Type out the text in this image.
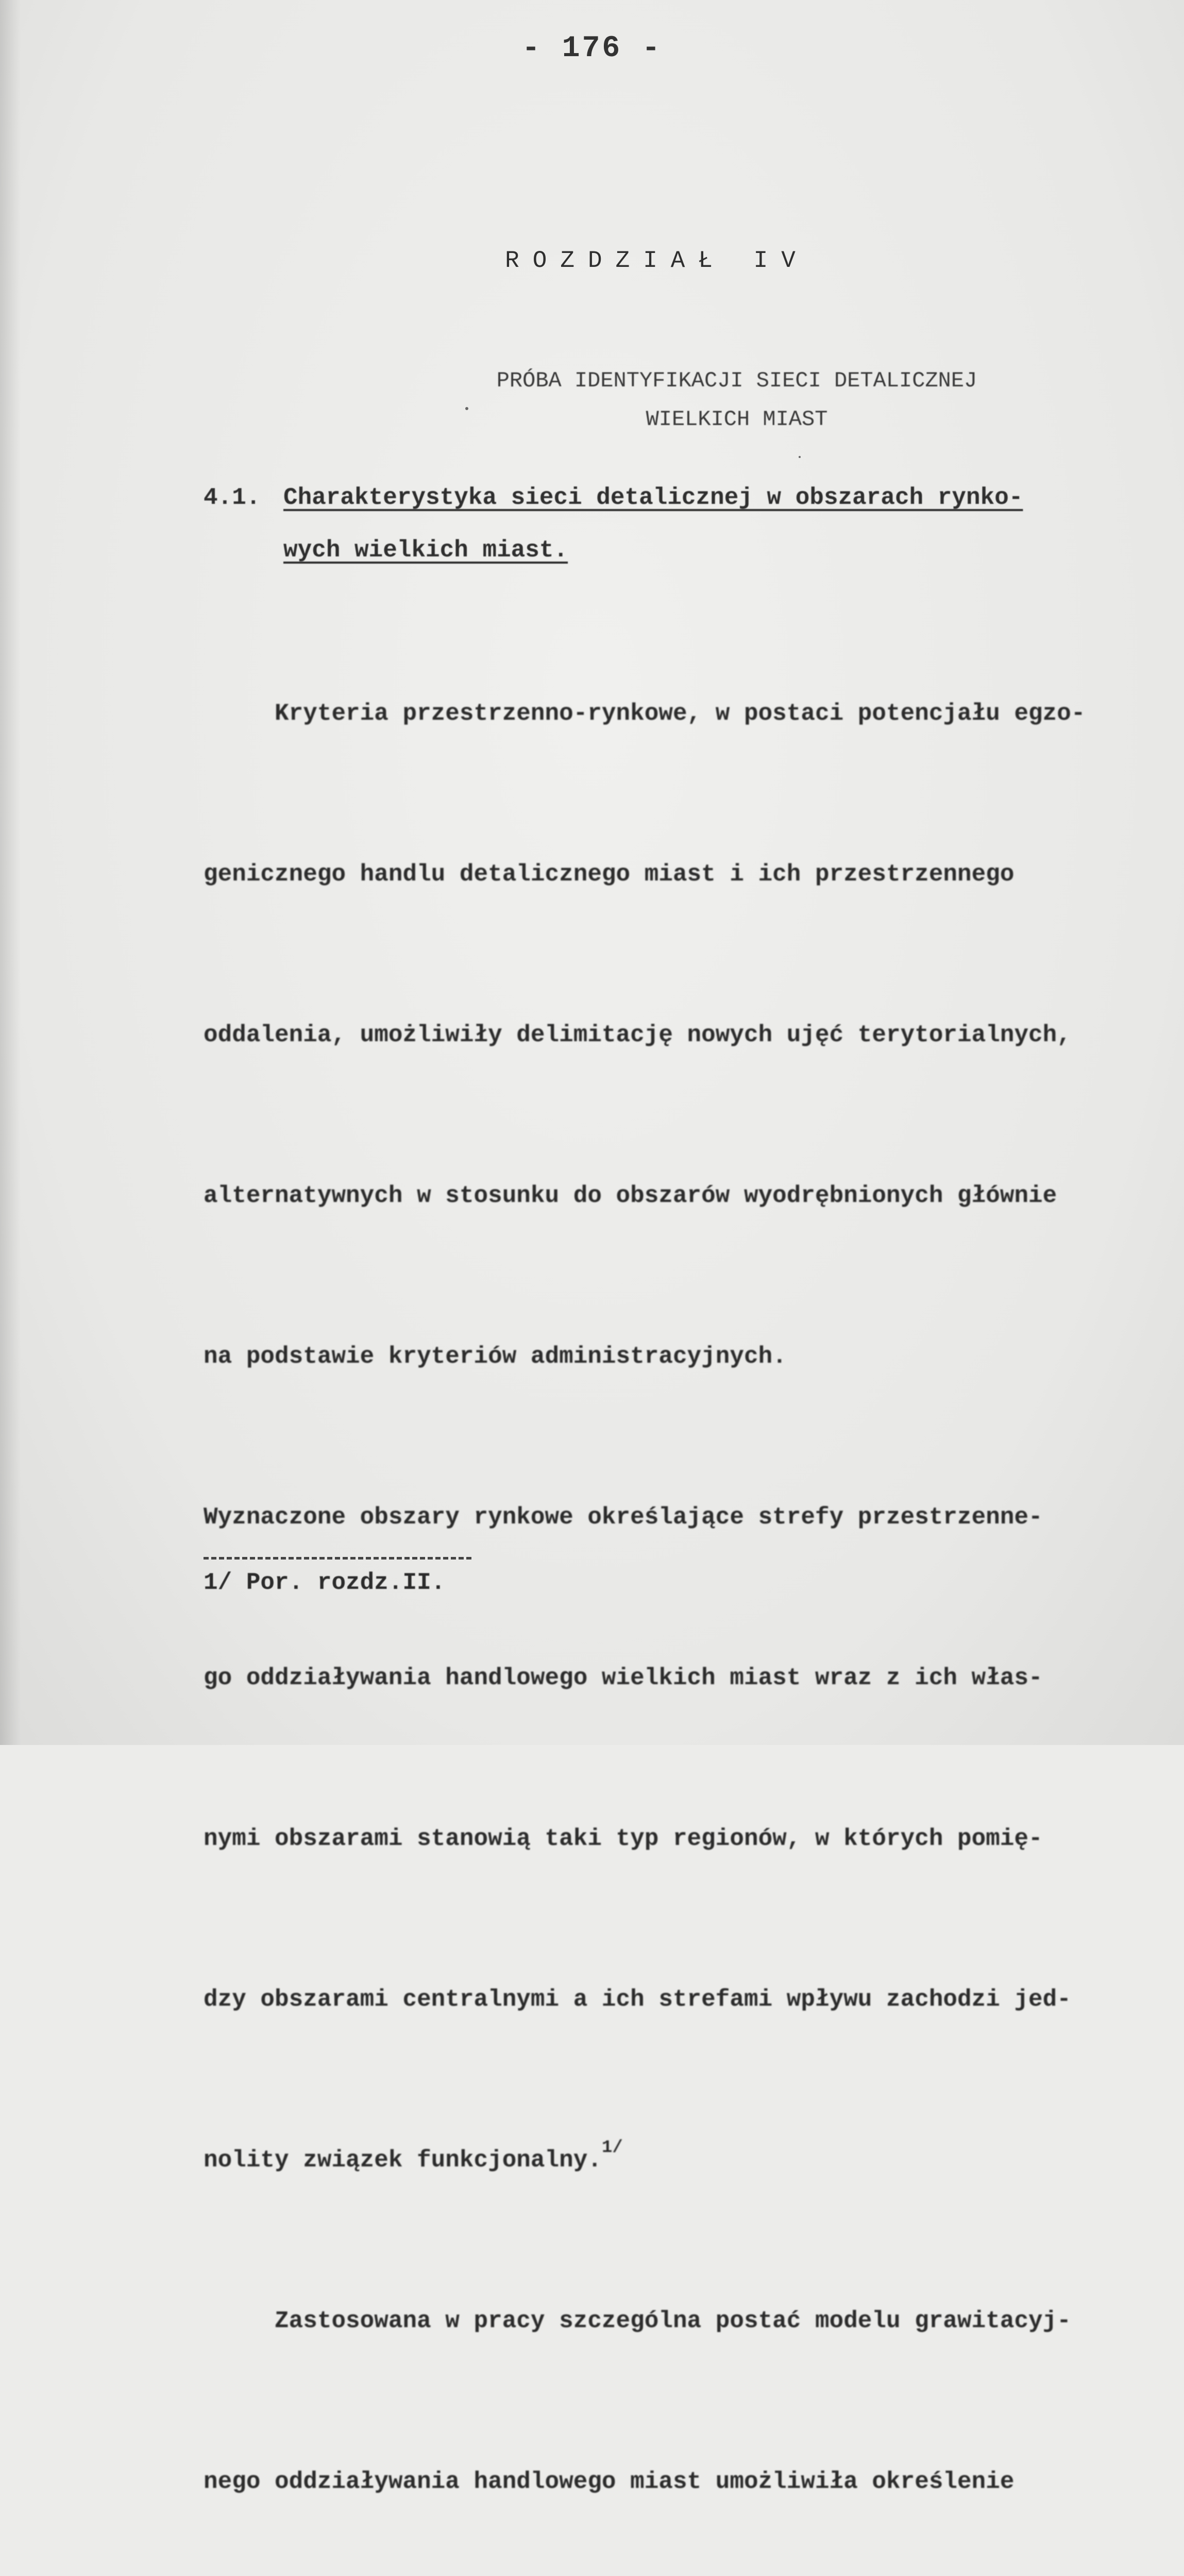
- 176 -
ROZDZIAŁ IV
PRÓBA IDENTYFIKACJI SIECI DETALICZNEJ
WIELKICH MIAST
4.1. Charakterystyka sieci detalicznej w obszarach rynko-
wych wielkich miast.

Kryteria przestrzenno-rynkowe, w postaci potencjału egzo-

genicznego handlu detalicznego miast i ich przestrzennego

oddalenia, umożliwiły delimitację nowych ujęć terytorialnych,

alternatywnych w stosunku do obszarów wyodrębnionych głównie

na podstawie kryteriów administracyjnych.

Wyznaczone obszary rynkowe określające strefy przestrzenne-

go oddziaływania handlowego wielkich miast wraz z ich włas-

nymi obszarami stanowią taki typ regionów, w których pomię-

dzy obszarami centralnymi a ich strefami wpływu zachodzi jed-

nolity związek funkcjonalny.$^{1/}$

Zastosowana w pracy szczególna postać modelu grawitacyj-

nego oddziaływania handlowego miast umożliwiła określenie

1/ Por. rozdz.II.
